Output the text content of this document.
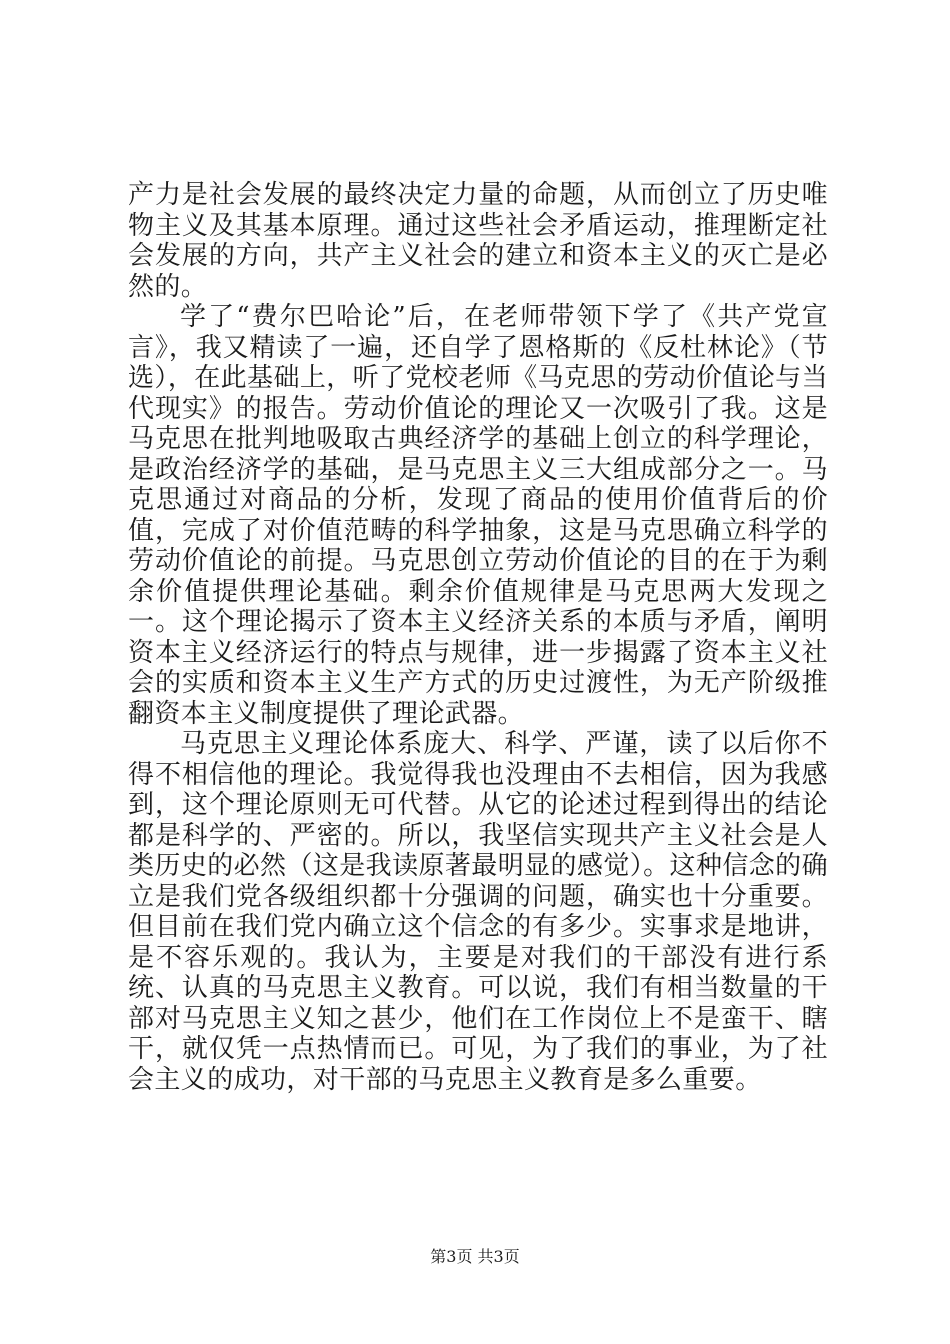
产力是社会发展的最终决定力量的命题，从而创立了历史唯物主义及其基本原理。通过这些社会矛盾运动，推理断定社会发展的方向，共产主义社会的建立和资本主义的灭亡是必然的。

学了“费尔巴哈论”后，在老师带领下学了《共产党宣言》，我又精读了一遍，还自学了恩格斯的《反杜林论》（节选），在此基础上，听了党校老师《马克思的劳动价值论与当代现实》的报告。劳动价值论的理论又一次吸引了我。这是马克思在批判地吸取古典经济学的基础上创立的科学理论，是政治经济学的基础，是马克思主义三大组成部分之一。马克思通过对商品的分析，发现了商品的使用价值背后的价值，完成了对价值范畴的科学抽象，这是马克思确立科学的劳动价值论的前提。马克思创立劳动价值论的目的在于为剩余价值提供理论基础。剩余价值规律是马克思两大发现之一。这个理论揭示了资本主义经济关系的本质与矛盾，阐明资本主义经济运行的特点与规律，进一步揭露了资本主义社会的实质和资本主义生产方式的历史过渡性，为无产阶级推翻资本主义制度提供了理论武器。

马克思主义理论体系庞大、科学、严谨，读了以后你不得不相信他的理论。我觉得我也没理由不去相信，因为我感到，这个理论原则无可代替。从它的论述过程到得出的结论都是科学的、严密的。所以，我坚信实现共产主义社会是人类历史的必然（这是我读原著最明显的感觉）。这种信念的确立是我们党各级组织都十分强调的问题，确实也十分重要。但目前在我们党内确立这个信念的有多少。实事求是地讲，是不容乐观的。我认为，主要是对我们的干部没有进行系统、认真的马克思主义教育。可以说，我们有相当数量的干部对马克思主义知之甚少，他们在工作岗位上不是蛮干、瞎干，就仅凭一点热情而已。可见，为了我们的事业，为了社会主义的成功，对干部的马克思主义教育是多么重要。

第3页 共3页
